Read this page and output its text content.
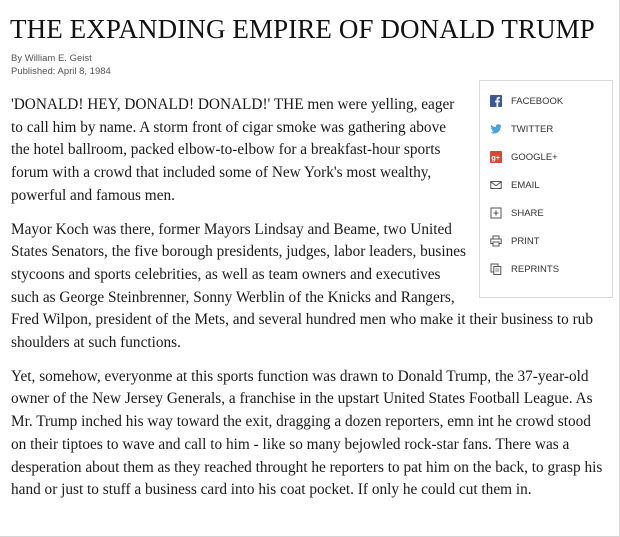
THE EXPANDING EMPIRE OF DONALD TRUMP
By William E. Geist
Published: April 8, 1984
FACEBOOK
TWITTER
g+ GOOGLE+
EMAIL
SHARE
PRINT
REPRINTS

'DONALD! HEY, DONALD! DONALD!' THE men were yelling, eager to call him by name. A storm front of cigar smoke was gathering above the hotel ballroom, packed elbow-to-elbow for a breakfast-hour sports forum with a crowd that included some of New York's most wealthy, powerful and famous men.

Mayor Koch was there, former Mayors Lindsay and Beame, two United States Senators, the five borough presidents, judges, labor leaders, busines stycoons and sports celebrities, as well as team owners and executives such as George Steinbrenner, Sonny Werblin of the Knicks and Rangers, Fred Wilpon, president of the Mets, and several hundred men who make it their business to rub shoulders at such functions.

Yet, somehow, everyonme at this sports function was drawn to Donald Trump, the 37-year-old owner of the New Jersey Generals, a franchise in the upstart United States Football League. As Mr. Trump inched his way toward the exit, dragging a dozen reporters, emn int he crowd stood on their tiptoes to wave and call to him - like so many bejowled rock-star fans. There was a desperation about them as they reached throught he reporters to pat him on the back, to grasp his hand or just to stuff a business card into his coat pocket. If only he could cut them in.
